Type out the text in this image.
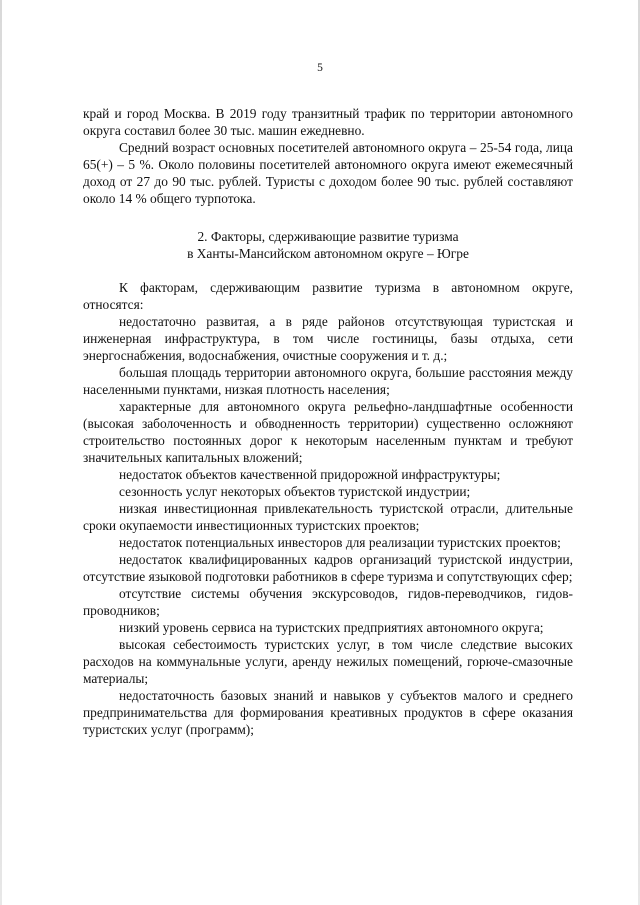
5

край и город Москва. В 2019 году транзитный трафик по территории автономного округа составил более 30 тыс. машин ежедневно.

Средний возраст основных посетителей автономного округа – 25-54 года, лица 65(+) – 5 %. Около половины посетителей автономного округа имеют ежемесячный доход от 27 до 90 тыс. рублей. Туристы с доходом более 90 тыс. рублей составляют около 14 % общего турпотока.

2. Факторы, сдерживающие развитие туризма

в Ханты-Мансийском автономном округе – Югре

К факторам, сдерживающим развитие туризма в автономном округе, относятся:

недостаточно развитая, а в ряде районов отсутствующая туристская и инженерная инфраструктура, в том числе гостиницы, базы отдыха, сети энергоснабжения, водоснабжения, очистные сооружения и т. д.;

большая площадь территории автономного округа, большие расстояния между населенными пунктами, низкая плотность населения;

характерные для автономного округа рельефно-ландшафтные особенности (высокая заболоченность и обводненность территории) существенно осложняют строительство постоянных дорог к некоторым населенным пунктам и требуют значительных капитальных вложений;

недостаток объектов качественной придорожной инфраструктуры;

сезонность услуг некоторых объектов туристской индустрии;

низкая инвестиционная привлекательность туристской отрасли, длительные сроки окупаемости инвестиционных туристских проектов;

недостаток потенциальных инвесторов для реализации туристских проектов;

недостаток квалифицированных кадров организаций туристской индустрии, отсутствие языковой подготовки работников в сфере туризма и сопутствующих сфер;

отсутствие системы обучения экскурсоводов, гидов-переводчиков, гидов-проводников;

низкий уровень сервиса на туристских предприятиях автономного округа;

высокая себестоимость туристских услуг, в том числе следствие высоких расходов на коммунальные услуги, аренду нежилых помещений, горюче-смазочные материалы;

недостаточность базовых знаний и навыков у субъектов малого и среднего предпринимательства для формирования креативных продуктов в сфере оказания туристских услуг (программ);
